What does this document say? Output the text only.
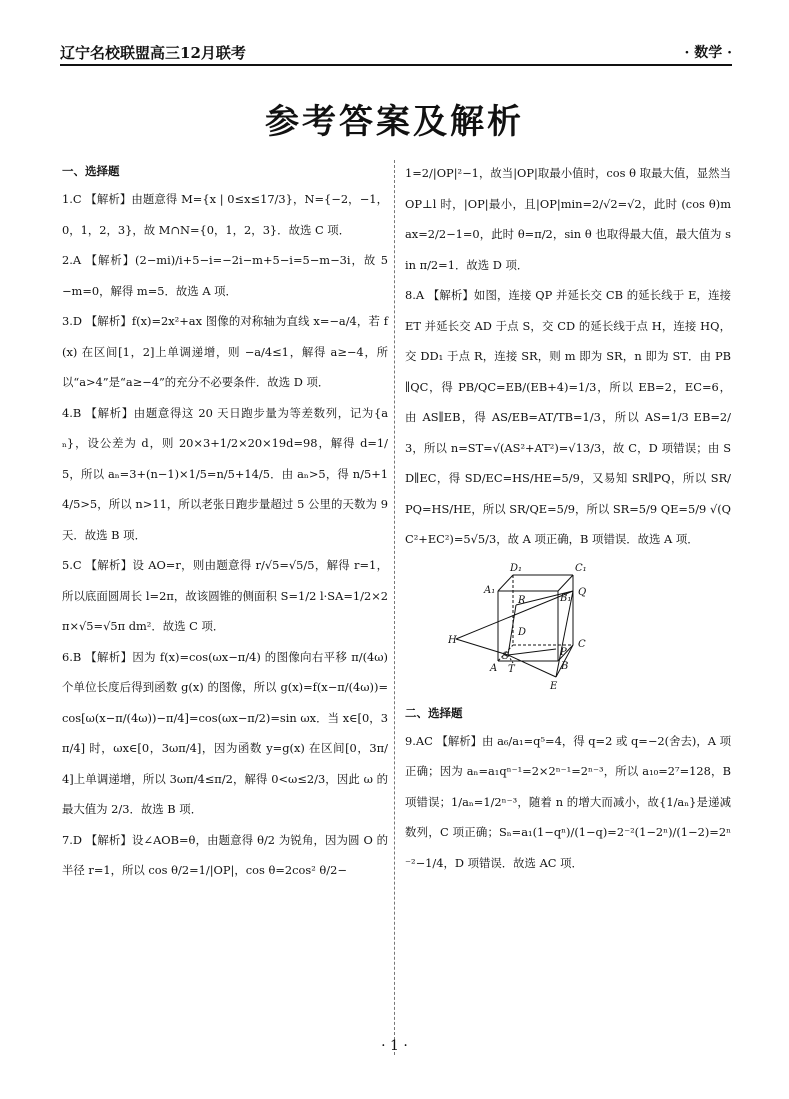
辽宁名校联盟高三12月联考	· 数学 ·
参考答案及解析
一、选择题

1.C 【解析】由题意得 M={x | 0≤x≤17/3}，N={−2，−1，0，1，2，3}，故 M∩N={0，1，2，3}．故选 C 项．

2.A 【解析】(2−mi)/i+5−i=−2i−m+5−i=5−m−3i，故 5−m=0，解得 m=5．故选 A 项．

3.D 【解析】f(x)=2x²+ax 图像的对称轴为直线 x=−a/4，若 f(x) 在区间[1，2]上单调递增，则 −a/4≤1，解得 a≥−4，所以“a>4”是“a≥−4”的充分不必要条件．故选 D 项．

4.B 【解析】由题意得这 20 天日跑步量为等差数列，记为{aₙ}，设公差为 d，则 20×3+1/2×20×19d=98，解得 d=1/5，所以 aₙ=3+(n−1)×1/5=n/5+14/5．由 aₙ>5，得 n/5+14/5>5，所以 n>11，所以老张日跑步量超过 5 公里的天数为 9 天．故选 B 项．

5.C 【解析】设 AO=r，则由题意得 r/√5=√5/5，解得 r=1，所以底面圆周长 l=2π，故该圆锥的侧面积 S=1/2 l·SA=1/2×2π×√5=√5π dm²．故选 C 项．

6.B 【解析】因为 f(x)=cos(ωx−π/4) 的图像向右平移 π/(4ω) 个单位长度后得到函数 g(x) 的图像，所以 g(x)=f(x−π/(4ω))=cos[ω(x−π/(4ω))−π/4]=cos(ωx−π/2)=sin ωx．当 x∈[0，3π/4] 时，ωx∈[0，3ωπ/4]，因为函数 y=g(x) 在区间[0，3π/4]上单调递增，所以 3ωπ/4≤π/2，解得 0<ω≤2/3，因此 ω 的最大值为 2/3．故选 B 项．

7.D 【解析】设∠AOB=θ，由题意得 θ/2 为锐角，因为圆 O 的半径 r=1，所以 cos θ/2=1/|OP|，cos θ=2cos² θ/2−

1=2/|OP|²−1，故当|OP|取最小值时，cos θ 取最大值，显然当 OP⊥l 时，|OP|最小，且|OP|min=2/√2=√2，此时 (cos θ)max=2/2−1=0，此时 θ=π/2，sin θ 也取得最大值，最大值为 sin π/2=1．故选 D 项．

8.A 【解析】如图，连接 QP 并延长交 CB 的延长线于 E，连接 ET 并延长交 AD 于点 S，交 CD 的延长线于点 H，连接 HQ，交 DD₁ 于点 R，连接 SR，则 m 即为 SR，n 即为 ST．由 PB∥QC，得 PB/QC=EB/(EB+4)=1/3，所以 EB=2，EC=6，由 AS∥EB，得 AS/EB=AT/TB=1/3，所以 AS=1/3 EB=2/3，所以 n=ST=√(AS²+AT²)=√13/3，故 C，D 项错误；由 SD∥EC，得 SD/EC=HS/HE=5/9，又易知 SR∥PQ，所以 SR/PQ=HS/HE，所以 SR/QE=5/9，所以 SR=5/9 QE=5/9 √(QC²+EC²)=5√5/3，故 A 项正确，B 项错误．故选 A 项．

D₁	C₁
A₁
B₁
Q
R
D
C
H
S	P
A T	B
E
二、选择题

9.AC 【解析】由 a₆/a₁=q⁵=4，得 q=2 或 q=−2(舍去)，A 项正确；因为 aₙ=a₁qⁿ⁻¹=2×2ⁿ⁻¹=2ⁿ⁻³，所以 a₁₀=2⁷=128，B 项错误；1/aₙ=1/2ⁿ⁻³，随着 n 的增大而减小，故{1/aₙ}是递减数列，C 项正确；Sₙ=a₁(1−qⁿ)/(1−q)=2⁻²(1−2ⁿ)/(1−2)=2ⁿ⁻²−1/4，D 项错误．故选 AC 项．

· 1 ·
